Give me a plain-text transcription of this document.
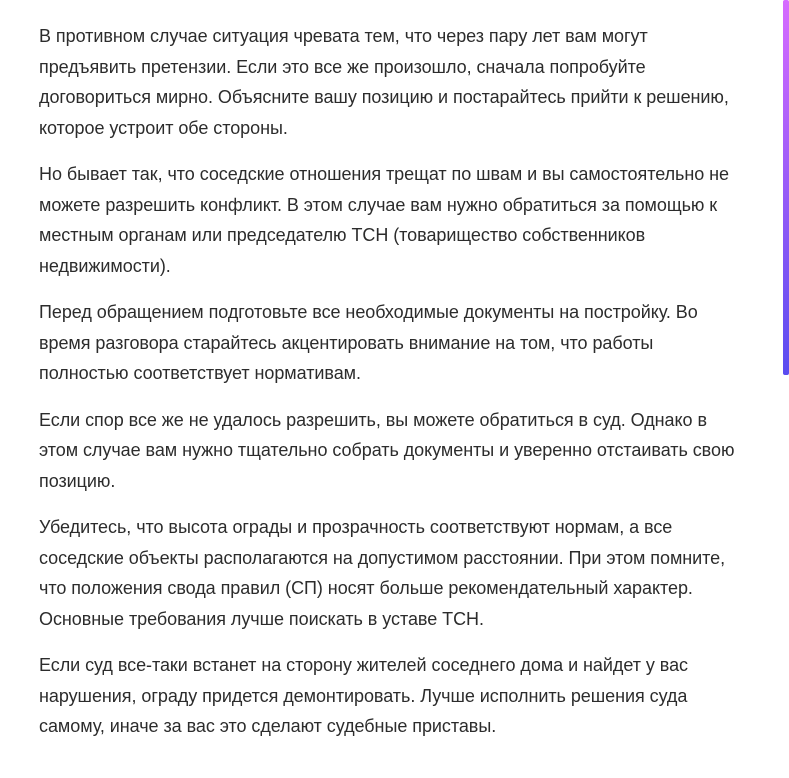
В противном случае ситуация чревата тем, что через пару лет вам могут предъявить претензии. Если это все же произошло, сначала попробуйте договориться мирно. Объясните вашу позицию и постарайтесь прийти к решению, которое устроит обе стороны.

Но бывает так, что соседские отношения трещат по швам и вы самостоятельно не можете разрешить конфликт. В этом случае вам нужно обратиться за помощью к местным органам или председателю ТСН (товарищество собственников недвижимости).

Перед обращением подготовьте все необходимые документы на постройку. Во время разговора старайтесь акцентировать внимание на том, что работы полностью соответствует нормативам.

Если спор все же не удалось разрешить, вы можете обратиться в суд. Однако в этом случае вам нужно тщательно собрать документы и уверенно отстаивать свою позицию.

Убедитесь, что высота ограды и прозрачность соответствуют нормам, а все соседские объекты располагаются на допустимом расстоянии. При этом помните, что положения свода правил (СП) носят больше рекомендательный характер. Основные требования лучше поискать в уставе ТСН.

Если суд все-таки встанет на сторону жителей соседнего дома и найдет у вас нарушения, ограду придется демонтировать. Лучше исполнить решения суда самому, иначе за вас это сделают судебные приставы.
